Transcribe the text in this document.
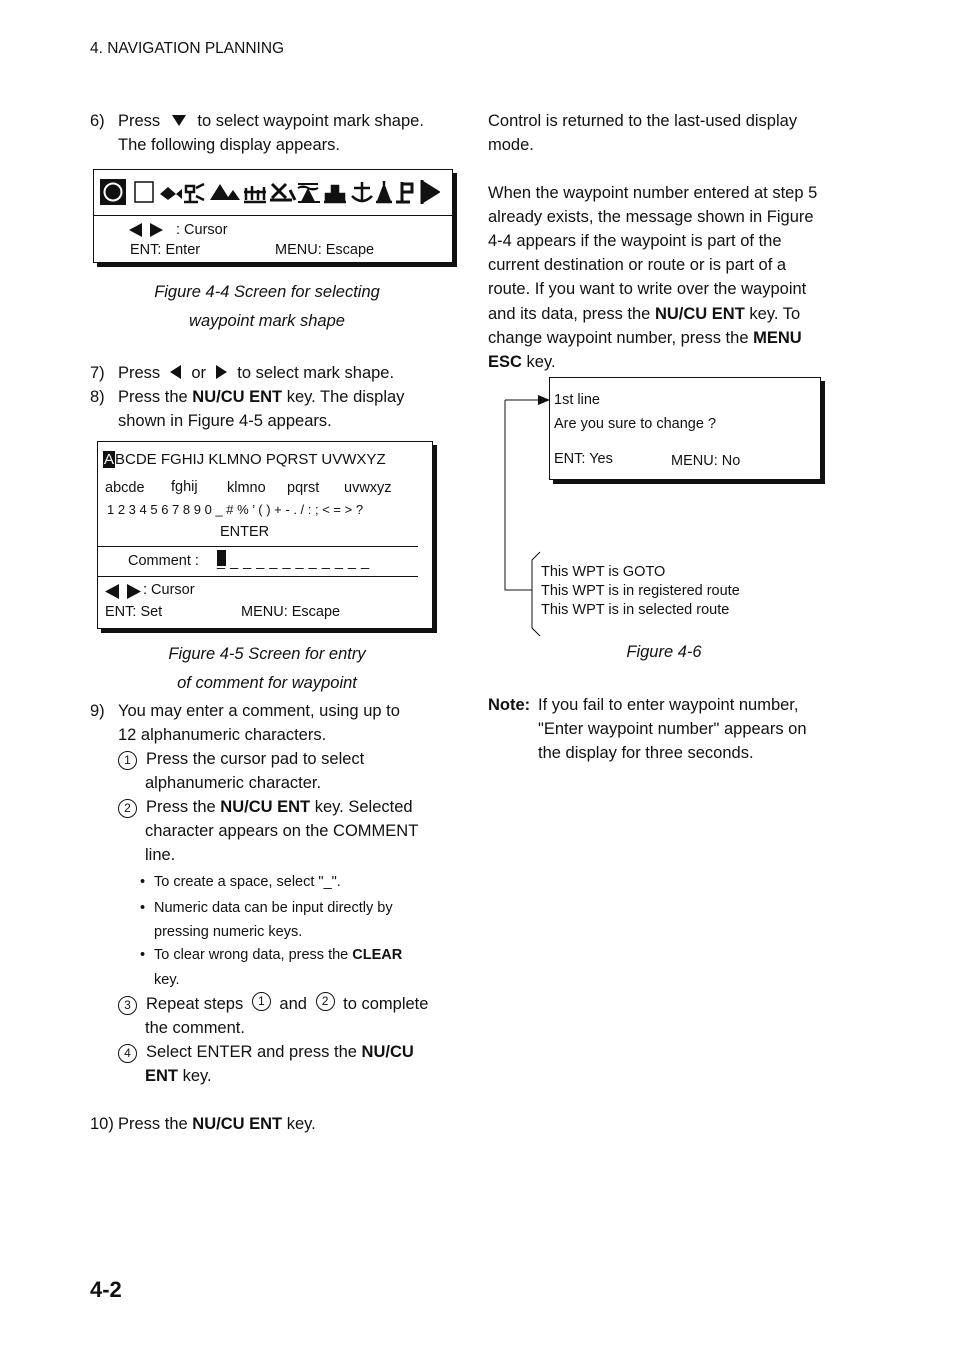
4. NAVIGATION PLANNING
6) Press to select waypoint mark shape.
The following display appears.
: Cursor
ENT: Enter	MENU: Escape
Figure 4-4 Screen for selecting
waypoint mark shape
7) Press or to select mark shape.
8) Press the NU/CU ENT key. The display
shown in Figure 4-5 appears.
ABCDE FGHIJ KLMNO PQRST UVWXYZ
abcde fghij klmno pqrst uvwxyz
1 2 3 4 5 6 7 8 9 0 _ # % ’ ( ) + - . / : ; < = > ?
ENTER
Comment : _ _ _ _ _ _ _ _ _ _ _ _
: Cursor
ENT: Set	MENU: Escape
Figure 4-5 Screen for entry
of comment for waypoint
9) You may enter a comment, using up to
12 alphanumeric characters.
1 Press the cursor pad to select
alphanumeric character.
2 Press the NU/CU ENT key. Selected
character appears on the COMMENT
line.
• To create a space, select "_".
• Numeric data can be input directly by
pressing numeric keys.
• To clear wrong data, press the CLEAR
key.
3 Repeat steps 1 and 2 to complete
the comment.
4 Select ENTER and press the NU/CU
ENT key.
10) Press the NU/CU ENT key.
Control is returned to the last-used display
mode.
When the waypoint number entered at step 5
already exists, the message shown in Figure
4-4 appears if the waypoint is part of the
current destination or route or is part of a
route. If you want to write over the waypoint
and its data, press the NU/CU ENT key. To
change waypoint number, press the MENU
ESC key.
1st line
Are you sure to change ?
ENT: Yes	MENU: No
This WPT is GOTO
This WPT is in registered route
This WPT is in selected route
Figure 4-6
Note: If you fail to enter waypoint number,
"Enter waypoint number" appears on
the display for three seconds.
4-2
